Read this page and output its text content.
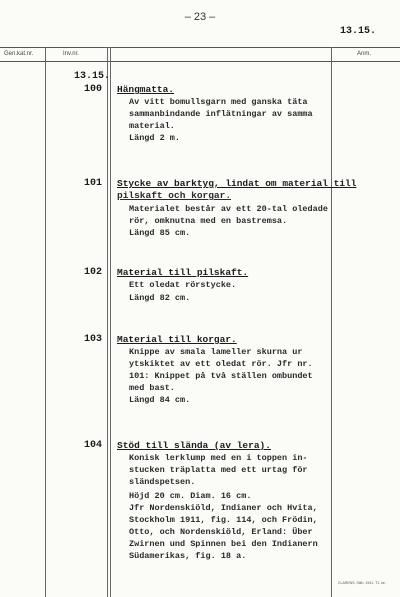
– 23 –
13.15.
Gen.kat.nr.	Inv.nr.	Anm.
13.15.
100 Hängmatta.
Av vitt bomullsgarn med ganska täta
sammanbindande inflätningar av samma
material.
Längd 2 m.
101 Stycke av barktyg, lindat om material till
pilskaft och korgar.
Materialet består av ett 20-tal oledade
rör, omknutna med en bastremsa.
Längd 85 cm.
102 Material till pilskaft.
Ett oledat rörstycke.
Längd 82 cm.
103 Material till korgar.
Knippe av smala lameller skurna ur
ytskiktet av ett oledat rör. Jfr nr.
101: Knippet på två ställen ombundet
med bast.
Längd 84 cm.
104 Stöd till slända (av lera).
Konisk lerklump med en i toppen in-
stucken träplatta med ett urtag för
sländspetsen.
Höjd 20 cm. Diam. 16 cm.
Jfr Nordenskiöld, Indianer och Hvita,
Stockholm 1911, fig. 114, och Frödin,
Otto, och Nordenskiöld, Erland: Über
Zwirnen und Spinnen bei den Indianern
Südamerikas, fig. 18 a.
CLARENS, Stkh. 1941. T1. ke.
